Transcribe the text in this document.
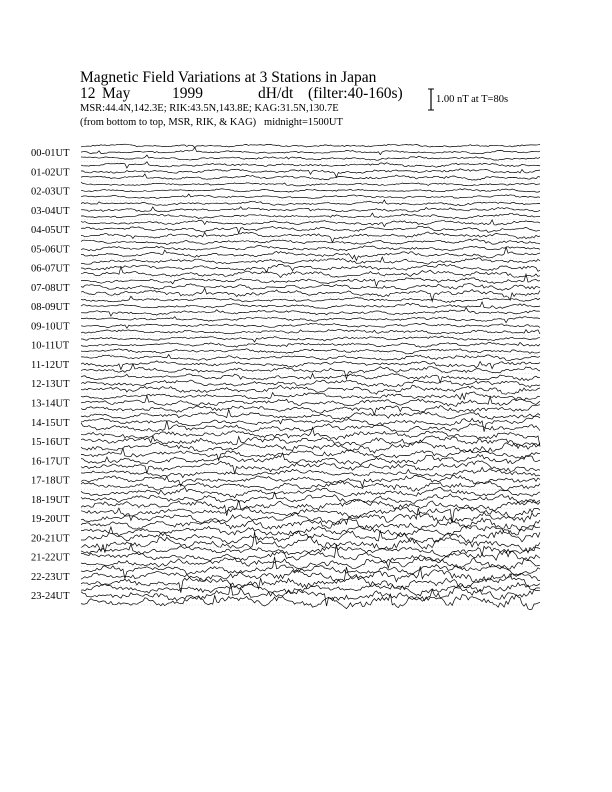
Magnetic Field Variations at 3 Stations in Japan

12

May

	1999

	dH/dt

(filter:40-160s)

MSR:44.4N,142.3E; RIK:43.5N,143.8E; KAG:31.5N,130.7E
(from bottom to top, MSR, RIK, & KAG) midnight=1500UT
1.00 nT at T=80s
00-01UT
01-02UT
02-03UT
03-04UT
04-05UT
05-06UT
06-07UT
07-08UT
08-09UT
09-10UT
10-11UT
11-12UT
12-13UT
13-14UT
14-15UT
15-16UT
16-17UT
17-18UT
18-19UT
19-20UT
20-21UT
21-22UT
22-23UT
23-24UT
